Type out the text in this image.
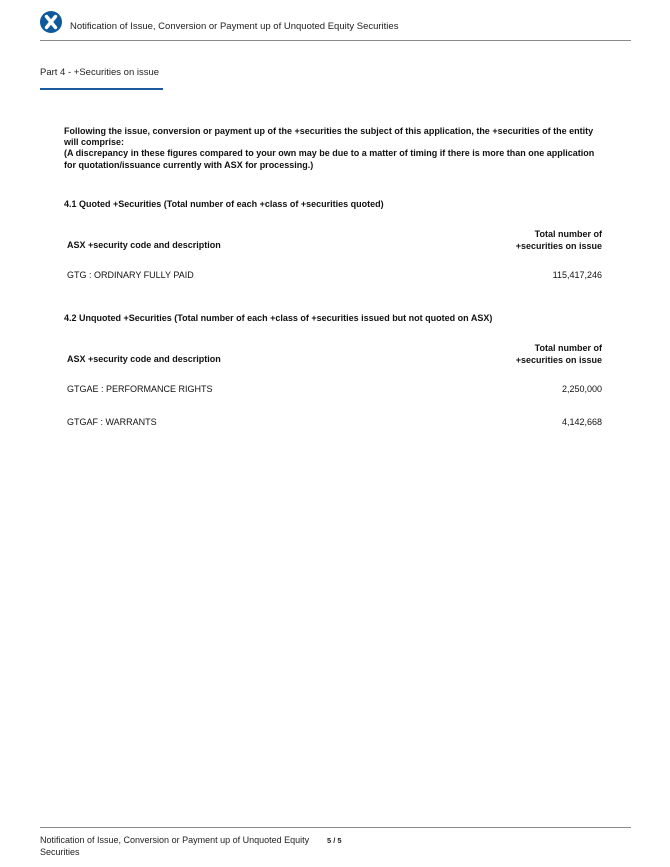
Notification of Issue, Conversion or Payment up of Unquoted Equity Securities
Part 4 - +Securities on issue

Following the issue, conversion or payment up of the +securities the subject of this application, the +securities of the entity will comprise:

(A discrepancy in these figures compared to your own may be due to a matter of timing if there is more than one application for quotation/issuance currently with ASX for processing.)

4.1 Quoted +Securities (Total number of each +class of +securities quoted)
ASX +security code and description
Total number of
+securities on issue
GTG : ORDINARY FULLY PAID	115,417,246
4.2 Unquoted +Securities (Total number of each +class of +securities issued but not quoted on ASX)
ASX +security code and description
Total number of
+securities on issue
GTGAE : PERFORMANCE RIGHTS	2,250,000
GTGAF : WARRANTS	4,142,668
Notification of Issue, Conversion or Payment up of Unquoted Equity Securities
5 / 5
